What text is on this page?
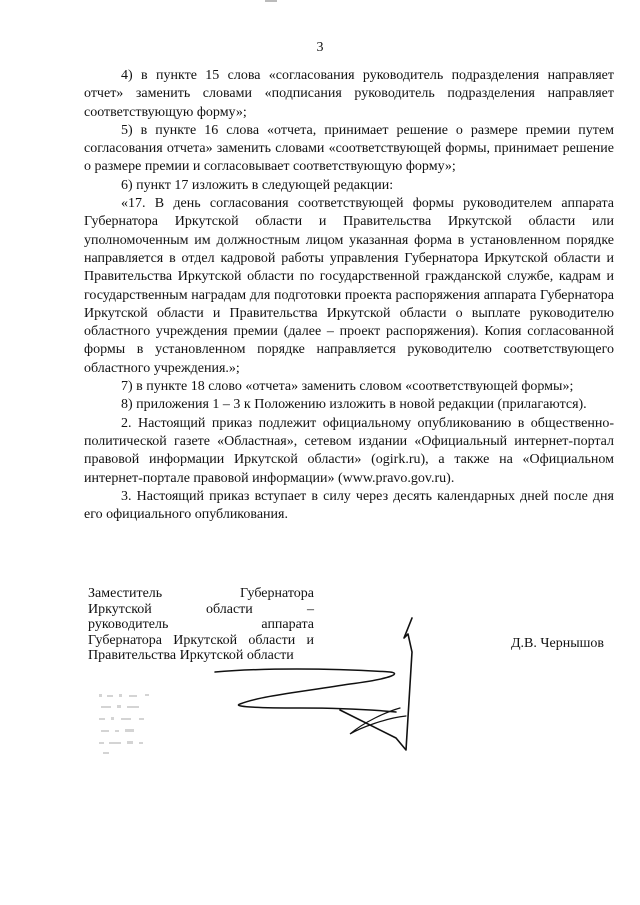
3

4) в пункте 15 слова «согласования руководитель подразделения направляет отчет» заменить словами «подписания руководитель подразделения направляет соответствующую форму»;

5) в пункте 16 слова «отчета, принимает решение о размере премии путем согласования отчета» заменить словами «соответствующей формы, принимает решение о размере премии и согласовывает соответствующую форму»;

6) пункт 17 изложить в следующей редакции:

«17. В день согласования соответствующей формы руководителем аппарата Губернатора Иркутской области и Правительства Иркутской области или уполномоченным им должностным лицом указанная форма в установленном порядке направляется в отдел кадровой работы управления Губернатора Иркутской области и Правительства Иркутской области по государственной гражданской службе, кадрам и государственным наградам для подготовки проекта распоряжения аппарата Губернатора Иркутской области и Правительства Иркутской области о выплате руководителю областного учреждения премии (далее – проект распоряжения). Копия согласованной формы в установленном порядке направляется руководителю соответствующего областного учреждения.»;

7) в пункте 18 слово «отчета» заменить словом «соответствующей формы»;

8) приложения 1 – 3 к Положению изложить в новой редакции (прилагаются).

2. Настоящий приказ подлежит официальному опубликованию в общественно-политической газете «Областная», сетевом издании «Официальный интернет-портал правовой информации Иркутской области» (ogirk.ru), а также на «Официальном интернет-портале правовой информации» (www.pravo.gov.ru).

3. Настоящий приказ вступает в силу через десять календарных дней после дня его официального опубликования.

Заместитель Губернатора
Иркутской области –
руководитель аппарата
Губернатора Иркутской области и
Правительства Иркутской области
Д.В. Чернышов
